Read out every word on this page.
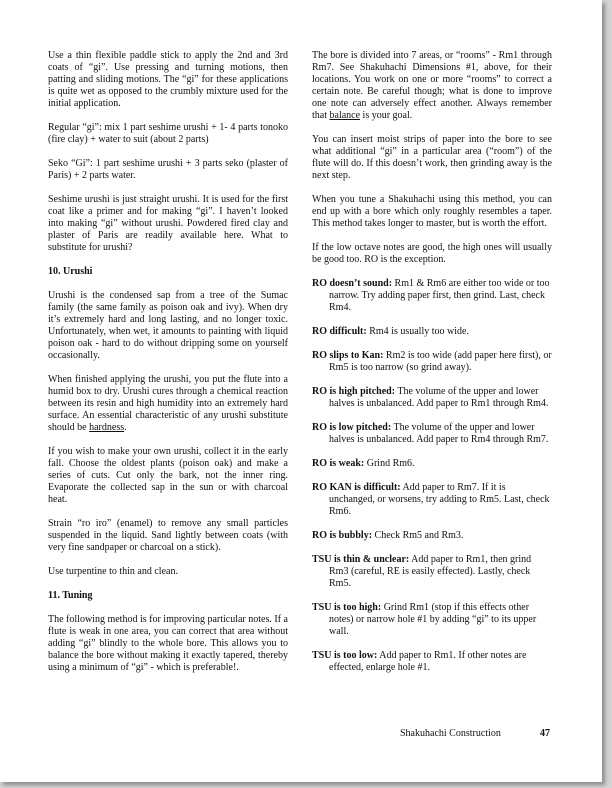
Use a thin flexible paddle stick to apply the 2nd and 3rd coats of “gi”. Use pressing and turning motions, then patting and sliding motions. The “gi” for these applications is quite wet as opposed to the crumbly mixture used for the initial application.

Regular “gi”: mix 1 part seshime urushi + 1- 4 parts tonoko (fire clay) + water to suit (about 2 parts)

Seko “Gi”: 1 part seshime urushi + 3 parts seko (plaster of Paris) + 2 parts water.

Seshime urushi is just straight urushi. It is used for the first coat like a primer and for making “gi”. I haven’t looked into making “gi” without urushi. Powdered fired clay and plaster of Paris are readily available here. What to substitute for urushi?

10. Urushi

Urushi is the condensed sap from a tree of the Sumac family (the same family as poison oak and ivy). When dry it’s extremely hard and long lasting, and no longer toxic. Unfortunately, when wet, it amounts to painting with liquid poison oak - hard to do without dripping some on yourself occasionally.

When finished applying the urushi, you put the flute into a humid box to dry. Urushi cures through a chemical reaction between its resin and high humidity into an extremely hard surface. An essential characteristic of any urushi substitute should be hardness.

If you wish to make your own urushi, collect it in the early fall. Choose the oldest plants (poison oak) and make a series of cuts. Cut only the bark, not the inner ring. Evaporate the collected sap in the sun or with charcoal heat.

Strain “ro iro” (enamel) to remove any small particles suspended in the liquid. Sand lightly between coats (with very fine sandpaper or charcoal on a stick).

Use turpentine to thin and clean.

11. Tuning

The following method is for improving particular notes. If a flute is weak in one area, you can correct that area without adding “gi” blindly to the whole bore. This allows you to balance the bore without making it exactly tapered, thereby using a minimum of “gi” - which is preferable!.

The bore is divided into 7 areas, or “rooms” - Rm1 through Rm7. See Shakuhachi Dimensions #1, above, for their locations. You work on one or more “rooms” to correct a certain note. Be careful though; what is done to improve one note can adversely effect another. Always remember that balance is your goal.

You can insert moist strips of paper into the bore to see what additional “gi” in a particular area (“room”) of the flute will do. If this doesn’t work, then grinding away is the next step.

When you tune a Shakuhachi using this method, you can end up with a bore which only roughly resembles a taper. This method takes longer to master, but is worth the effort.

If the low octave notes are good, the high ones will usually be good too. RO is the exception.

RO doesn’t sound: Rm1 & Rm6 are either too wide or too narrow. Try adding paper first, then grind. Last, check Rm4.

RO difficult: Rm4 is usually too wide.

RO slips to Kan: Rm2 is too wide (add paper here first), or Rm5 is too narrow (so grind away).

RO is high pitched: The volume of the upper and lower halves is unbalanced. Add paper to Rm1 through Rm4.

RO is low pitched: The volume of the upper and lower halves is unbalanced. Add paper to Rm4 through Rm7.

RO is weak: Grind Rm6.

RO KAN is difficult: Add paper to Rm7. If it is unchanged, or worsens, try adding to Rm5. Last, check Rm6.

RO is bubbly: Check Rm5 and Rm3.

TSU is thin & unclear: Add paper to Rm1, then grind Rm3 (careful, RE is easily effected). Lastly, check Rm5.

TSU is too high: Grind Rm1 (stop if this effects other notes) or narrow hole #1 by adding “gi” to its upper wall.

TSU is too low: Add paper to Rm1. If other notes are effected, enlarge hole #1.

Shakuhachi Construction	47
